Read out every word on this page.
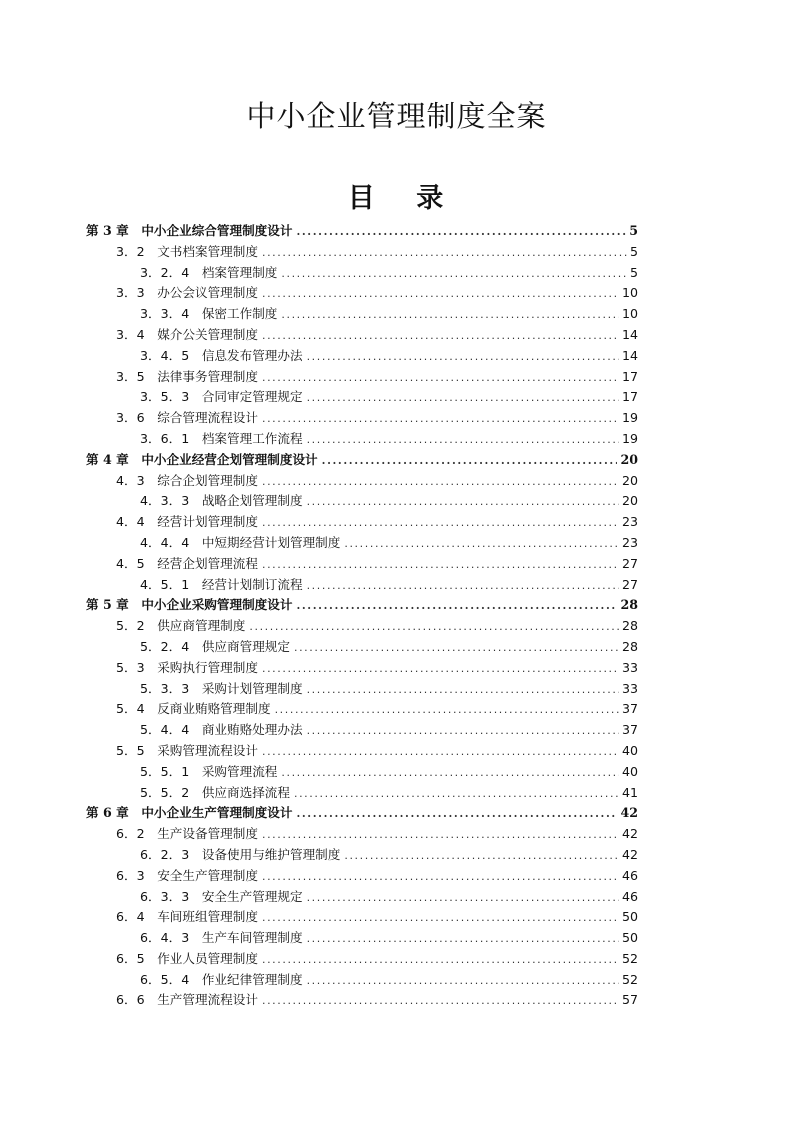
中小企业管理制度全案
目 录
第 3 章　中小企业综合管理制度设计 .....	5
3．2　文书档案管理制度 .....	5
3．2．4　档案管理制度 .....	5
3．3　办公会议管理制度 .....	10
3．3．4　保密工作制度 .....	10
3．4　媒介公关管理制度 .....	14
3．4．5　信息发布管理办法 .....	14
3．5　法律事务管理制度 .....	17
3．5．3　合同审定管理规定 .....	17
3．6　综合管理流程设计 .....	19
3．6．1　档案管理工作流程 .....	19
第 4 章　中小企业经营企划管理制度设计 .....	20
4．3　综合企划管理制度 .....	20
4．3．3　战略企划管理制度 .....	20
4．4　经营计划管理制度 .....	23
4．4．4　中短期经营计划管理制度 .....	23
4．5　经营企划管理流程 .....	27
4．5．1　经营计划制订流程 .....	27
第 5 章　中小企业采购管理制度设计 .....	28
5．2　供应商管理制度 .....	28
5．2．4　供应商管理规定 .....	28
5．3　采购执行管理制度 .....	33
5．3．3　采购计划管理制度 .....	33
5．4　反商业贿赂管理制度 .....	37
5．4．4　商业贿赂处理办法 .....	37
5．5　采购管理流程设计 .....	40
5．5．1　采购管理流程 .....	40
5．5．2　供应商选择流程 .....	41
第 6 章　中小企业生产管理制度设计 .....	42
6．2　生产设备管理制度 .....	42
6．2．3　设备使用与维护管理制度 .....	42
6．3　安全生产管理制度 .....	46
6．3．3　安全生产管理规定 .....	46
6．4　车间班组管理制度 .....	50
6．4．3　生产车间管理制度 .....	50
6．5　作业人员管理制度 .....	52
6．5．4　作业纪律管理制度 .....	52
6．6　生产管理流程设计 .....	57
